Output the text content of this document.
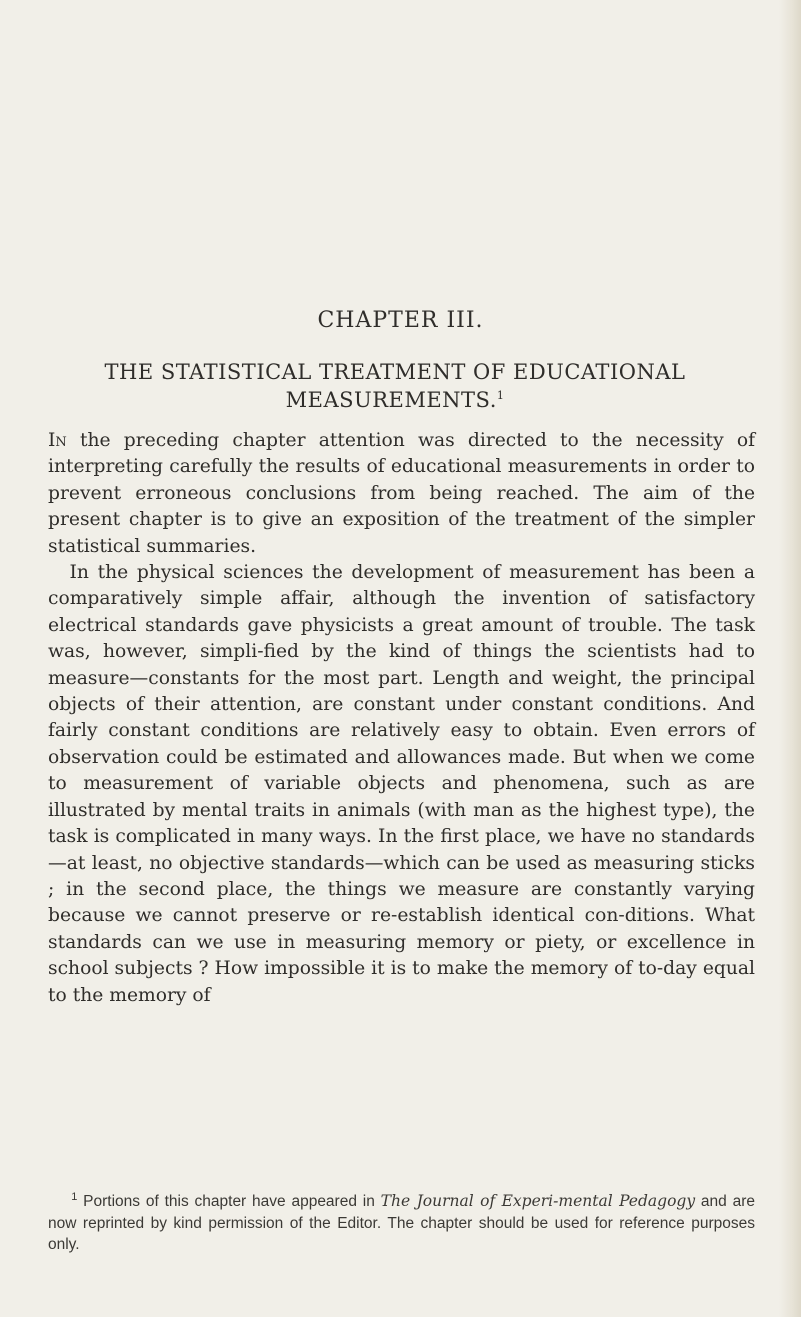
CHAPTER III.
THE STATISTICAL TREATMENT OF EDUCATIONAL
MEASUREMENTS.$^1$

In the preceding chapter attention was directed to the necessity of interpreting carefully the results of educational measurements in order to prevent erroneous conclusions from being reached. The aim of the present chapter is to give an exposition of the treatment of the simpler statistical summaries.

In the physical sciences the development of measurement has been a comparatively simple affair, although the invention of satisfactory electrical standards gave physicists a great amount of trouble. The task was, however, simpli-fied by the kind of things the scientists had to measure—constants for the most part. Length and weight, the principal objects of their attention, are constant under constant conditions. And fairly constant conditions are relatively easy to obtain. Even errors of observation could be estimated and allowances made. But when we come to measurement of variable objects and phenomena, such as are illustrated by mental traits in animals (with man as the highest type), the task is complicated in many ways. In the first place, we have no standards—at least, no objective standards—which can be used as measuring sticks ; in the second place, the things we measure are constantly varying because we cannot preserve or re-establish identical con-ditions. What standards can we use in measuring memory or piety, or excellence in school subjects ? How impossible it is to make the memory of to-day equal to the memory of

$^1$ Portions of this chapter have appeared in The Journal of Experi-mental Pedagogy and are now reprinted by kind permission of the Editor. The chapter should be used for reference purposes only.
